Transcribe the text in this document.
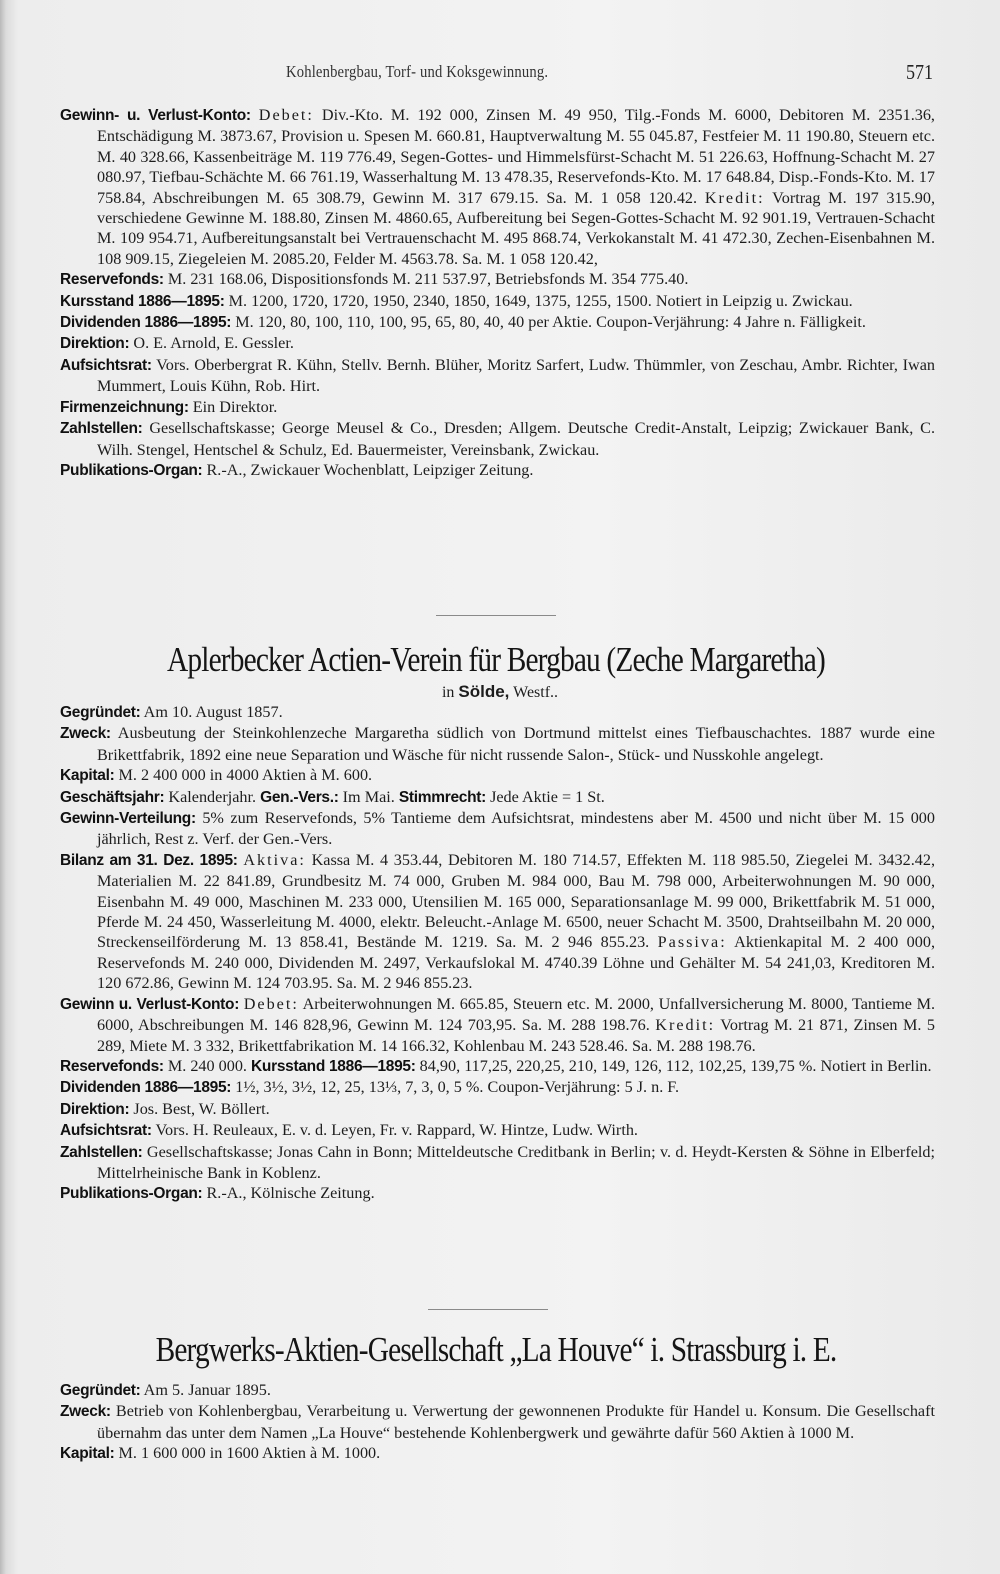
Kohlenbergbau, Torf- und Koksgewinnung.	571

Gewinn- u. Verlust-Konto: Debet: Div.-Kto. M. 192 000, Zinsen M. 49 950, Tilg.-Fonds M. 6000, Debitoren M. 2351.36, Entschädigung M. 3873.67, Provision u. Spesen M. 660.81, Hauptverwaltung M. 55 045.87, Festfeier M. 11 190.80, Steuern etc. M. 40 328.66, Kassenbeiträge M. 119 776.49, Segen-Gottes- und Himmelsfürst-Schacht M. 51 226.63, Hoffnung-Schacht M. 27 080.97, Tiefbau-Schächte M. 66 761.19, Wasserhaltung M. 13 478.35, Reservefonds-Kto. M. 17 648.84, Disp.-Fonds-Kto. M. 17 758.84, Abschreibungen M. 65 308.79, Gewinn M. 317 679.15. Sa. M. 1 058 120.42. Kredit: Vortrag M. 197 315.90, verschiedene Gewinne M. 188.80, Zinsen M. 4860.65, Aufbereitung bei Segen-Gottes-Schacht M. 92 901.19, Vertrauen-Schacht M. 109 954.71, Aufbereitungsanstalt bei Vertrauenschacht M. 495 868.74, Verkokanstalt M. 41 472.30, Zechen-Eisenbahnen M. 108 909.15, Ziegeleien M. 2085.20, Felder M. 4563.78. Sa. M. 1 058 120.42,

Reservefonds: M. 231 168.06, Dispositionsfonds M. 211 537.97, Betriebsfonds M. 354 775.40.

Kursstand 1886—1895: M. 1200, 1720, 1720, 1950, 2340, 1850, 1649, 1375, 1255, 1500. Notiert in Leipzig u. Zwickau.

Dividenden 1886—1895: M. 120, 80, 100, 110, 100, 95, 65, 80, 40, 40 per Aktie. Coupon-Verjährung: 4 Jahre n. Fälligkeit.

Direktion: O. E. Arnold, E. Gessler.

Aufsichtsrat: Vors. Oberbergrat R. Kühn, Stellv. Bernh. Blüher, Moritz Sarfert, Ludw. Thümmler, von Zeschau, Ambr. Richter, Iwan Mummert, Louis Kühn, Rob. Hirt.

Firmenzeichnung: Ein Direktor.

Zahlstellen: Gesellschaftskasse; George Meusel & Co., Dresden; Allgem. Deutsche Credit-Anstalt, Leipzig; Zwickauer Bank, C. Wilh. Stengel, Hentschel & Schulz, Ed. Bauermeister, Vereinsbank, Zwickau.

Publikations-Organ: R.-A., Zwickauer Wochenblatt, Leipziger Zeitung.

Aplerbecker Actien-Verein für Bergbau (Zeche Margaretha)
in Sölde, Westf..

Gegründet: Am 10. August 1857.

Zweck: Ausbeutung der Steinkohlenzeche Margaretha südlich von Dortmund mittelst eines Tiefbauschachtes. 1887 wurde eine Brikettfabrik, 1892 eine neue Separation und Wäsche für nicht russende Salon-, Stück- und Nusskohle angelegt.

Kapital: M. 2 400 000 in 4000 Aktien à M. 600.

Geschäftsjahr: Kalenderjahr. Gen.-Vers.: Im Mai. Stimmrecht: Jede Aktie = 1 St.

Gewinn-Verteilung: 5% zum Reservefonds, 5% Tantieme dem Aufsichtsrat, mindestens aber M. 4500 und nicht über M. 15 000 jährlich, Rest z. Verf. der Gen.-Vers.

Bilanz am 31. Dez. 1895: Aktiva: Kassa M. 4 353.44, Debitoren M. 180 714.57, Effekten M. 118 985.50, Ziegelei M. 3432.42, Materialien M. 22 841.89, Grundbesitz M. 74 000, Gruben M. 984 000, Bau M. 798 000, Arbeiterwohnungen M. 90 000, Eisenbahn M. 49 000, Maschinen M. 233 000, Utensilien M. 165 000, Separationsanlage M. 99 000, Brikettfabrik M. 51 000, Pferde M. 24 450, Wasserleitung M. 4000, elektr. Beleucht.-Anlage M. 6500, neuer Schacht M. 3500, Drahtseilbahn M. 20 000, Streckenseilförderung M. 13 858.41, Bestände M. 1219. Sa. M. 2 946 855.23. Passiva: Aktienkapital M. 2 400 000, Reservefonds M. 240 000, Dividenden M. 2497, Verkaufslokal M. 4740.39 Löhne und Gehälter M. 54 241,03, Kreditoren M. 120 672.86, Gewinn M. 124 703.95. Sa. M. 2 946 855.23.

Gewinn u. Verlust-Konto: Debet: Arbeiterwohnungen M. 665.85, Steuern etc. M. 2000, Unfallversicherung M. 8000, Tantieme M. 6000, Abschreibungen M. 146 828,96, Gewinn M. 124 703,95. Sa. M. 288 198.76. Kredit: Vortrag M. 21 871, Zinsen M. 5 289, Miete M. 3 332, Brikettfabrikation M. 14 166.32, Kohlenbau M. 243 528.46. Sa. M. 288 198.76.

Reservefonds: M. 240 000. Kursstand 1886—1895: 84,90, 117,25, 220,25, 210, 149, 126, 112, 102,25, 139,75 %. Notiert in Berlin.

Dividenden 1886—1895: 1½, 3½, 3½, 12, 25, 13⅓, 7, 3, 0, 5 %. Coupon-Verjährung: 5 J. n. F.

Direktion: Jos. Best, W. Böllert.

Aufsichtsrat: Vors. H. Reuleaux, E. v. d. Leyen, Fr. v. Rappard, W. Hintze, Ludw. Wirth.

Zahlstellen: Gesellschaftskasse; Jonas Cahn in Bonn; Mitteldeutsche Creditbank in Berlin; v. d. Heydt-Kersten & Söhne in Elberfeld; Mittelrheinische Bank in Koblenz.

Publikations-Organ: R.-A., Kölnische Zeitung.

Bergwerks-Aktien-Gesellschaft „La Houve“ i. Strassburg i. E.

Gegründet: Am 5. Januar 1895.

Zweck: Betrieb von Kohlenbergbau, Verarbeitung u. Verwertung der gewonnenen Produkte für Handel u. Konsum. Die Gesellschaft übernahm das unter dem Namen „La Houve“ bestehende Kohlenbergwerk und gewährte dafür 560 Aktien à 1000 M.

Kapital: M. 1 600 000 in 1600 Aktien à M. 1000.
